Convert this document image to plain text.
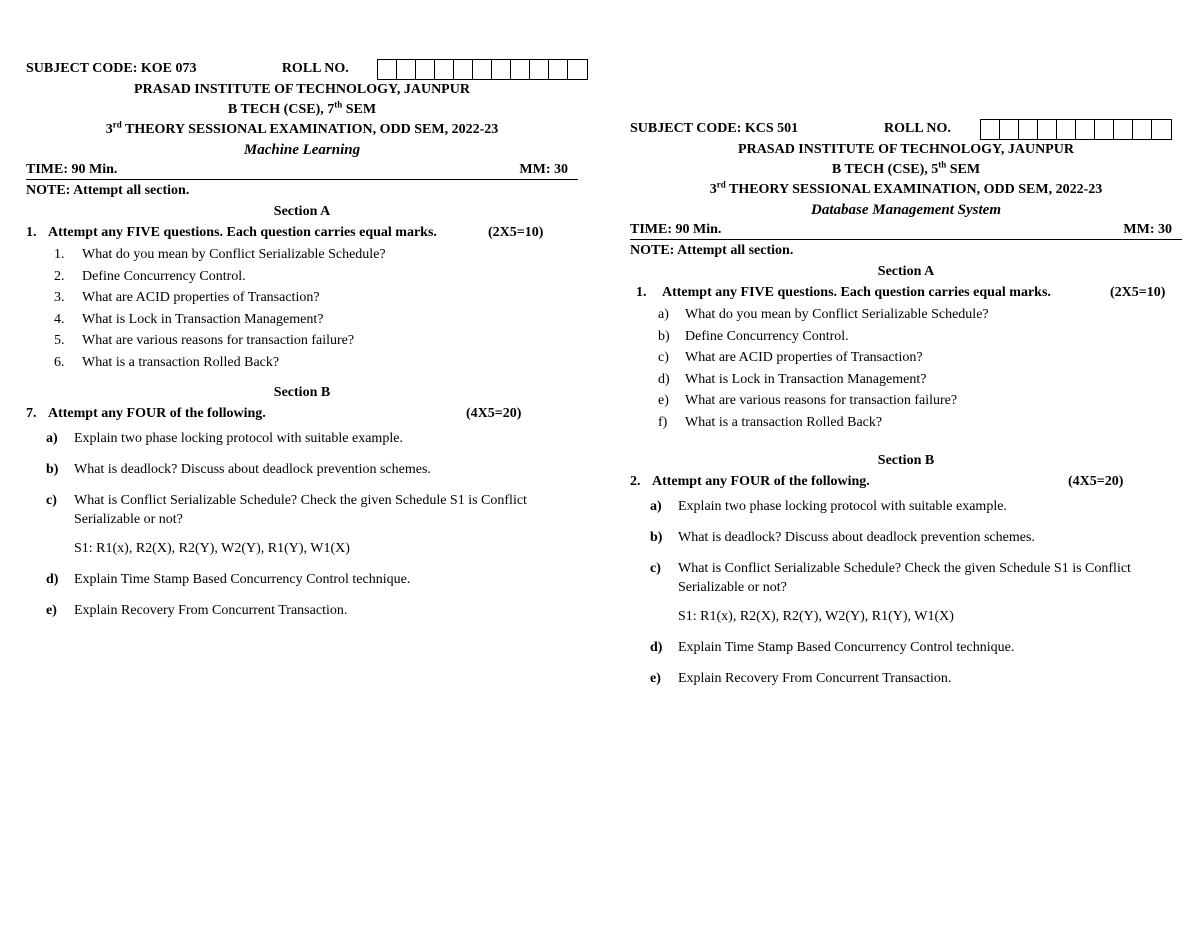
SUBJECT CODE: KOE 073	ROLL NO.
PRASAD INSTITUTE OF TECHNOLOGY, JAUNPUR
B TECH (CSE), 7th SEM
3rd THEORY SESSIONAL EXAMINATION, ODD SEM, 2022-23
Machine Learning
TIME: 90 Min.	MM: 30
NOTE: Attempt all section.
Section A
1. Attempt any FIVE questions. Each question carries equal marks.	(2X5=10)
1.	What do you mean by Conflict Serializable Schedule?
2.	Define Concurrency Control.
3.	What are ACID properties of Transaction?
4.	What is Lock in Transaction Management?
5.	What are various reasons for transaction failure?
6.	What is a transaction Rolled Back?
Section B
7. Attempt any FOUR of the following.	(4X5=20)
a)	Explain two phase locking protocol with suitable example.
b)	What is deadlock? Discuss about deadlock prevention schemes.
c)	What is Conflict Serializable Schedule? Check the given Schedule S1 is Conflict Serializable or not?
S1: R1(x), R2(X), R2(Y), W2(Y), R1(Y), W1(X)
d)	Explain Time Stamp Based Concurrency Control technique.
e)	Explain Recovery From Concurrent Transaction.
SUBJECT CODE: KCS 501	ROLL NO.
PRASAD INSTITUTE OF TECHNOLOGY, JAUNPUR
B TECH (CSE), 5th SEM
3rd THEORY SESSIONAL EXAMINATION, ODD SEM, 2022-23
Database Management System
TIME: 90 Min.	MM: 30
NOTE: Attempt all section.
Section A
1.	Attempt any FIVE questions. Each question carries equal marks.	(2X5=10)
a)	What do you mean by Conflict Serializable Schedule?
b)	Define Concurrency Control.
c)	What are ACID properties of Transaction?
d)	What is Lock in Transaction Management?
e)	What are various reasons for transaction failure?
f)	What is a transaction Rolled Back?
Section B
2. Attempt any FOUR of the following.	(4X5=20)
a)	Explain two phase locking protocol with suitable example.
b)	What is deadlock? Discuss about deadlock prevention schemes.
c)	What is Conflict Serializable Schedule? Check the given Schedule S1 is Conflict Serializable or not?
S1: R1(x), R2(X), R2(Y), W2(Y), R1(Y), W1(X)
d)	Explain Time Stamp Based Concurrency Control technique.
e)	Explain Recovery From Concurrent Transaction.
